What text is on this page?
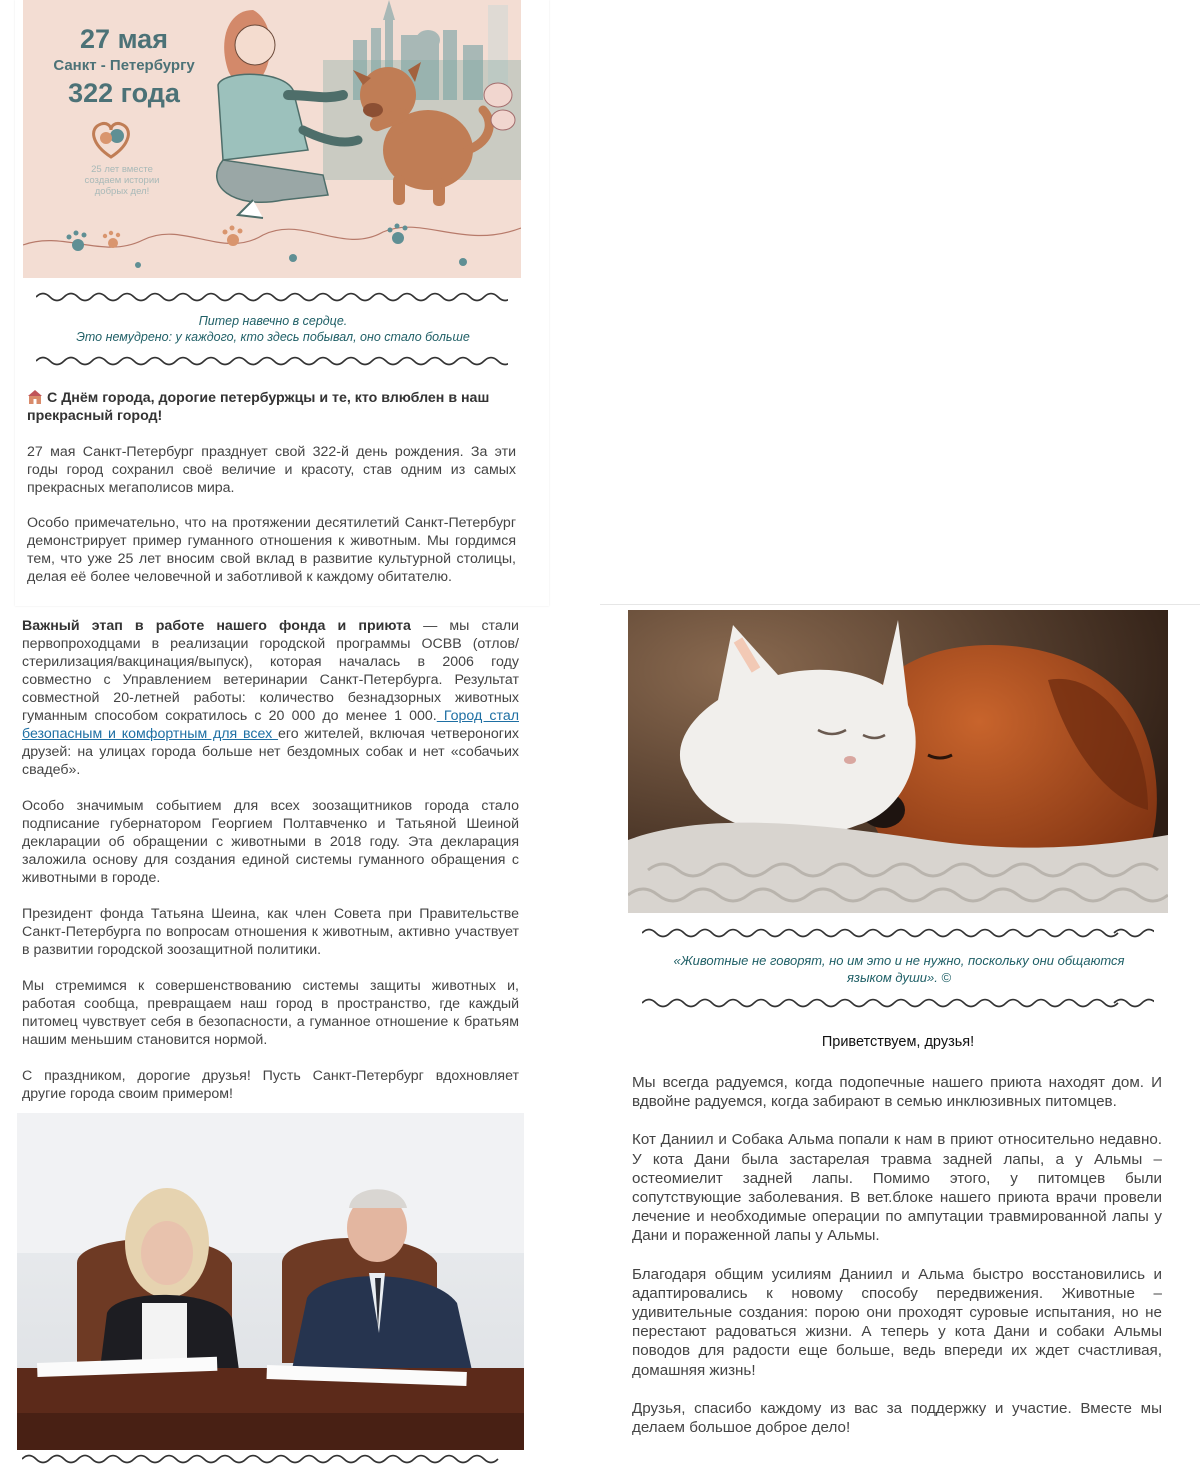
27 мая
Санкт - Петербургу
322 года
25 лет вместе создаем истории добрых дел!

Питер навечно в сердце.

Это немудрено: у каждого, кто здесь побывал, оно стало больше

С Днём города, дорогие петербуржцы и те, кто влюблен в наш прекрасный город!

27 мая Санкт-Петербург празднует свой 322-й день рождения. За эти годы город сохранил своё величие и красоту, став одним из самых прекрасных мегаполисов мира.

Особо примечательно, что на протяжении десятилетий Санкт-Петербург демонстрирует пример гуманного отношения к животным. Мы гордимся тем, что уже 25 лет вносим свой вклад в развитие культурной столицы, делая её более человечной и заботливой к каждому обитателю.

Важный этап в работе нашего фонда и приюта — мы стали первопроходцами в реализации городской программы ОСВВ (отлов/стерилизация/вакцинация/выпуск), которая началась в 2006 году совместно с Управлением ветеринарии Санкт-Петербурга. Результат совместной 20-летней работы: количество безнадзорных животных гуманным способом сократилось с 20 000 до менее 1 000. Город стал безопасным и комфортным для всех его жителей, включая четвероногих друзей: на улицах города больше нет бездомных собак и нет «собачьих свадеб».

Особо значимым событием для всех зоозащитников города стало подписание губернатором Георгием Полтавченко и Татьяной Шеиной декларации об обращении с животными в 2018 году. Эта декларация заложила основу для создания единой системы гуманного обращения с животными в городе.

Президент фонда Татьяна Шеина, как член Совета при Правительстве Санкт-Петербурга по вопросам отношения к животным, активно участвует в развитии городской зоозащитной политики.

Мы стремимся к совершенствованию системы защиты животных и, работая сообща, превращаем наш город в пространство, где каждый питомец чувствует себя в безопасности, а гуманное отношение к братьям нашим меньшим становится нормой.

С праздником, дорогие друзья! Пусть Санкт-Петербург вдохновляет другие города своим примером!

«Животные не говорят, но им это и не нужно, поскольку они общаются

языком души». ©

Приветствуем, друзья!

Мы всегда радуемся, когда подопечные нашего приюта находят дом. И вдвойне радуемся, когда забирают в семью инклюзивных питомцев.

Кот Даниил и Собака Альма попали к нам в приют относительно недавно. У кота Дани была застарелая травма задней лапы, а у Альмы – остеомиелит задней лапы. Помимо этого, у питомцев были сопутствующие заболевания. В вет.блоке нашего приюта врачи провели лечение и необходимые операции по ампутации травмированной лапы у Дани и пораженной лапы у Альмы.

Благодаря общим усилиям Даниил и Альма быстро восстановились и адаптировались к новому способу передвижения. Животные – удивительные создания: порою они проходят суровые испытания, но не перестают радоваться жизни. А теперь у кота Дани и собаки Альмы поводов для радости еще больше, ведь впереди их ждет счастливая, домашняя жизнь!

Друзья, спасибо каждому из вас за поддержку и участие. Вместе мы делаем большое доброе дело!
